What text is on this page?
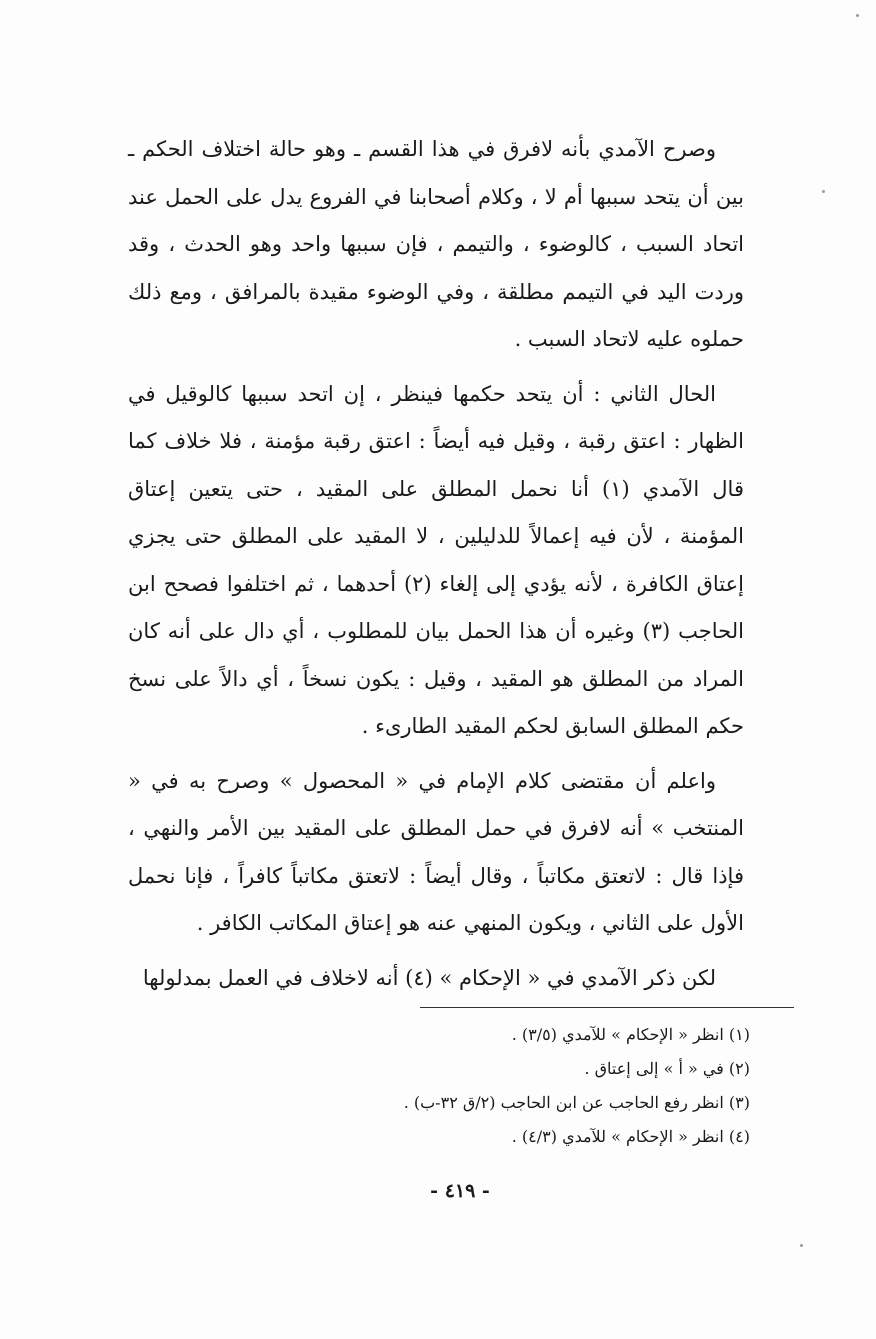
وصرح الآمدي بأنه لافرق في هذا القسم ـ وهو حالة اختلاف الحكم ـ بين أن يتحد سببها أم لا ، وكلام أصحابنا في الفروع يدل على الحمل عند اتحاد السبب ، كالوضوء ، والتيمم ، فإن سببها واحد وهو الحدث ، وقد وردت اليد في التيمم مطلقة ، وفي الوضوء مقيدة بالمرافق ، ومع ذلك حملوه عليه لاتحاد السبب .

الحال الثاني : أن يتحد حكمها فينظر ، إن اتحد سببها كالوقيل في الظهار : اعتق رقبة ، وقيل فيه أيضاً : اعتق رقبة مؤمنة ، فلا خلاف كما قال الآمدي (١) أنا نحمل المطلق على المقيد ، حتى يتعين إعتاق المؤمنة ، لأن فيه إعمالاً للدليلين ، لا المقيد على المطلق حتى يجزي إعتاق الكافرة ، لأنه يؤدي إلى إلغاء (٢) أحدهما ، ثم اختلفوا فصحح ابن الحاجب (٣) وغيره أن هذا الحمل بيان للمطلوب ، أي دال على أنه كان المراد من المطلق هو المقيد ، وقيل : يكون نسخاً ، أي دالاً على نسخ حكم المطلق السابق لحكم المقيد الطارىء .

واعلم أن مقتضى كلام الإمام في « المحصول » وصرح به في « المنتخب » أنه لافرق في حمل المطلق على المقيد بين الأمر والنهي ، فإذا قال : لاتعتق مكاتباً ، وقال أيضاً : لاتعتق مكاتباً كافراً ، فإنا نحمل الأول على الثاني ، ويكون المنهي عنه هو إعتاق المكاتب الكافر .

لكن ذكر الآمدي في « الإحكام » (٤) أنه لاخلاف في العمل بمدلولها

(١) انظر « الإحكام » للآمدي (٣/٥) .

(٢) في « أ » إلى إعتاق .

(٣) انظر رفع الحاجب عن ابن الحاجب (٢/ق ٣٢-ب) .

(٤) انظر « الإحكام » للآمدي (٤/٣) .

- ٤١٩ -
